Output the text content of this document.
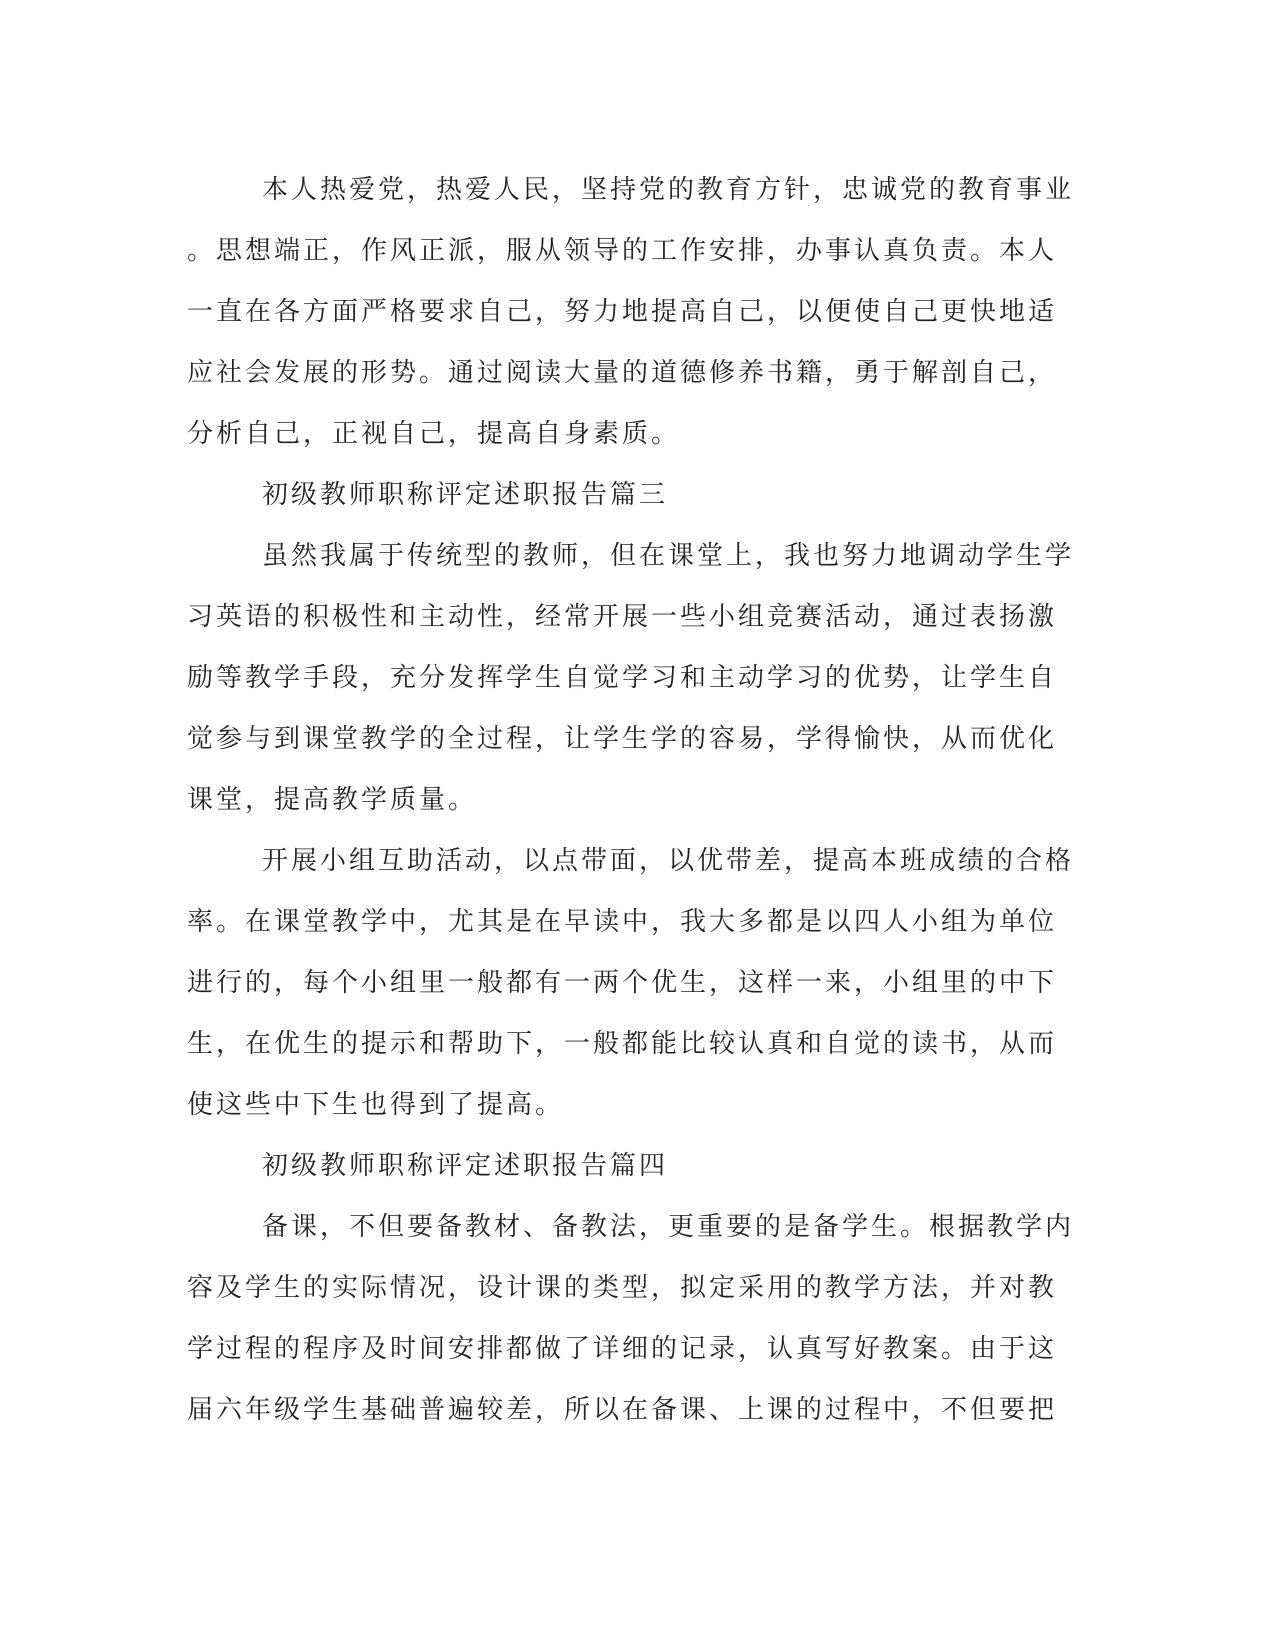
本人热爱党，热爱人民，坚持党的教育方针，忠诚党的教育事业
。思想端正，作风正派，服从领导的工作安排，办事认真负责。本人
一直在各方面严格要求自己，努力地提高自己，以便使自己更快地适
应社会发展的形势。通过阅读大量的道德修养书籍，勇于解剖自己，
分析自己，正视自己，提高自身素质。
初级教师职称评定述职报告篇三
虽然我属于传统型的教师，但在课堂上，我也努力地调动学生学
习英语的积极性和主动性，经常开展一些小组竞赛活动，通过表扬激
励等教学手段，充分发挥学生自觉学习和主动学习的优势，让学生自
觉参与到课堂教学的全过程，让学生学的容易，学得愉快，从而优化
课堂，提高教学质量。
开展小组互助活动，以点带面，以优带差，提高本班成绩的合格
率。在课堂教学中，尤其是在早读中，我大多都是以四人小组为单位
进行的，每个小组里一般都有一两个优生，这样一来，小组里的中下
生，在优生的提示和帮助下，一般都能比较认真和自觉的读书，从而
使这些中下生也得到了提高。
初级教师职称评定述职报告篇四
备课，不但要备教材、备教法，更重要的是备学生。根据教学内
容及学生的实际情况，设计课的类型，拟定采用的教学方法，并对教
学过程的程序及时间安排都做了详细的记录，认真写好教案。由于这
届六年级学生基础普遍较差，所以在备课、上课的过程中，不但要把
